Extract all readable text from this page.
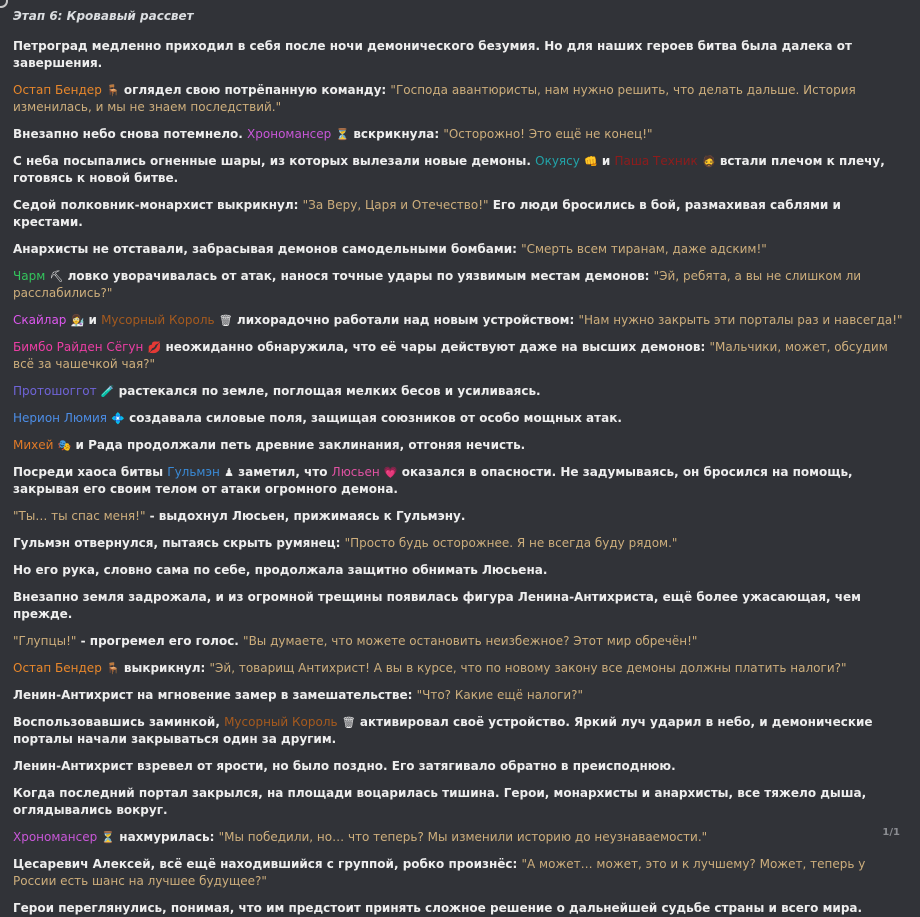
Этап 6: Кровавый рассвет
Петроград медленно приходил в себя после ночи демонического безумия. Но для наших героев битва была далека от завершения.
Остап Бендер 🪑 оглядел свою потрёпанную команду: "Господа авантюристы, нам нужно решить, что делать дальше. История изменилась, и мы не знаем последствий."
Внезапно небо снова потемнело. Хрономансер ⏳ вскрикнула: "Осторожно! Это ещё не конец!"
С неба посыпались огненные шары, из которых вылезали новые демоны. Окуясу 👊 и Паша Техник 🧔 встали плечом к плечу, готовясь к новой битве.
Седой полковник-монархист выкрикнул: "За Веру, Царя и Отечество!" Его люди бросились в бой, размахивая саблями и крестами.
Анархисты не отставали, забрасывая демонов самодельными бомбами: "Смерть всем тиранам, даже адским!"
Чарм ⛏ ловко уворачивалась от атак, нанося точные удары по уязвимым местам демонов: "Эй, ребята, а вы не слишком ли расслабились?"
Скайлар 👩‍🔬 и Мусорный Король 🗑 лихорадочно работали над новым устройством: "Нам нужно закрыть эти порталы раз и навсегда!"
Бимбо Райден Сёгун 💋 неожиданно обнаружила, что её чары действуют даже на высших демонов: "Мальчики, может, обсудим всё за чашечкой чая?"
Протошоггот 🧪 растекался по земле, поглощая мелких бесов и усиливаясь.
Нерион Люмия 💠 создавала силовые поля, защищая союзников от особо мощных атак.
Михей 🎭 и Рада продолжали петь древние заклинания, отгоняя нечисть.
Посреди хаоса битвы Гульмэн ♟ заметил, что Люсьен 💗 оказался в опасности. Не задумываясь, он бросился на помощь, закрывая его своим телом от атаки огромного демона.
"Ты… ты спас меня!" - выдохнул Люсьен, прижимаясь к Гульмэну.
Гульмэн отвернулся, пытаясь скрыть румянец: "Просто будь осторожнее. Я не всегда буду рядом."
Но его рука, словно сама по себе, продолжала защитно обнимать Люсьена.
Внезапно земля задрожала, и из огромной трещины появилась фигура Ленина-Антихриста, ещё более ужасающая, чем прежде.
"Глупцы!" - прогремел его голос. "Вы думаете, что можете остановить неизбежное? Этот мир обречён!"
Остап Бендер 🪑 выкрикнул: "Эй, товарищ Антихрист! А вы в курсе, что по новому закону все демоны должны платить налоги?"
Ленин-Антихрист на мгновение замер в замешательстве: "Что? Какие ещё налоги?"
Воспользовавшись заминкой, Мусорный Король 🗑 активировал своё устройство. Яркий луч ударил в небо, и демонические порталы начали закрываться один за другим.
Ленин-Антихрист взревел от ярости, но было поздно. Его затягивало обратно в преисподнюю.
Когда последний портал закрылся, на площади воцарилась тишина. Герои, монархисты и анархисты, все тяжело дыша, оглядывались вокруг.
Хрономансер ⏳ нахмурилась: "Мы победили, но… что теперь? Мы изменили историю до неузнаваемости."
Цесаревич Алексей, всё ещё находившийся с группой, робко произнёс: "А может… может, это и к лучшему? Может, теперь у России есть шанс на лучшее будущее?"
Герои переглянулись, понимая, что им предстоит принять сложное решение о дальнейшей судьбе страны и всего мира.
1/1
